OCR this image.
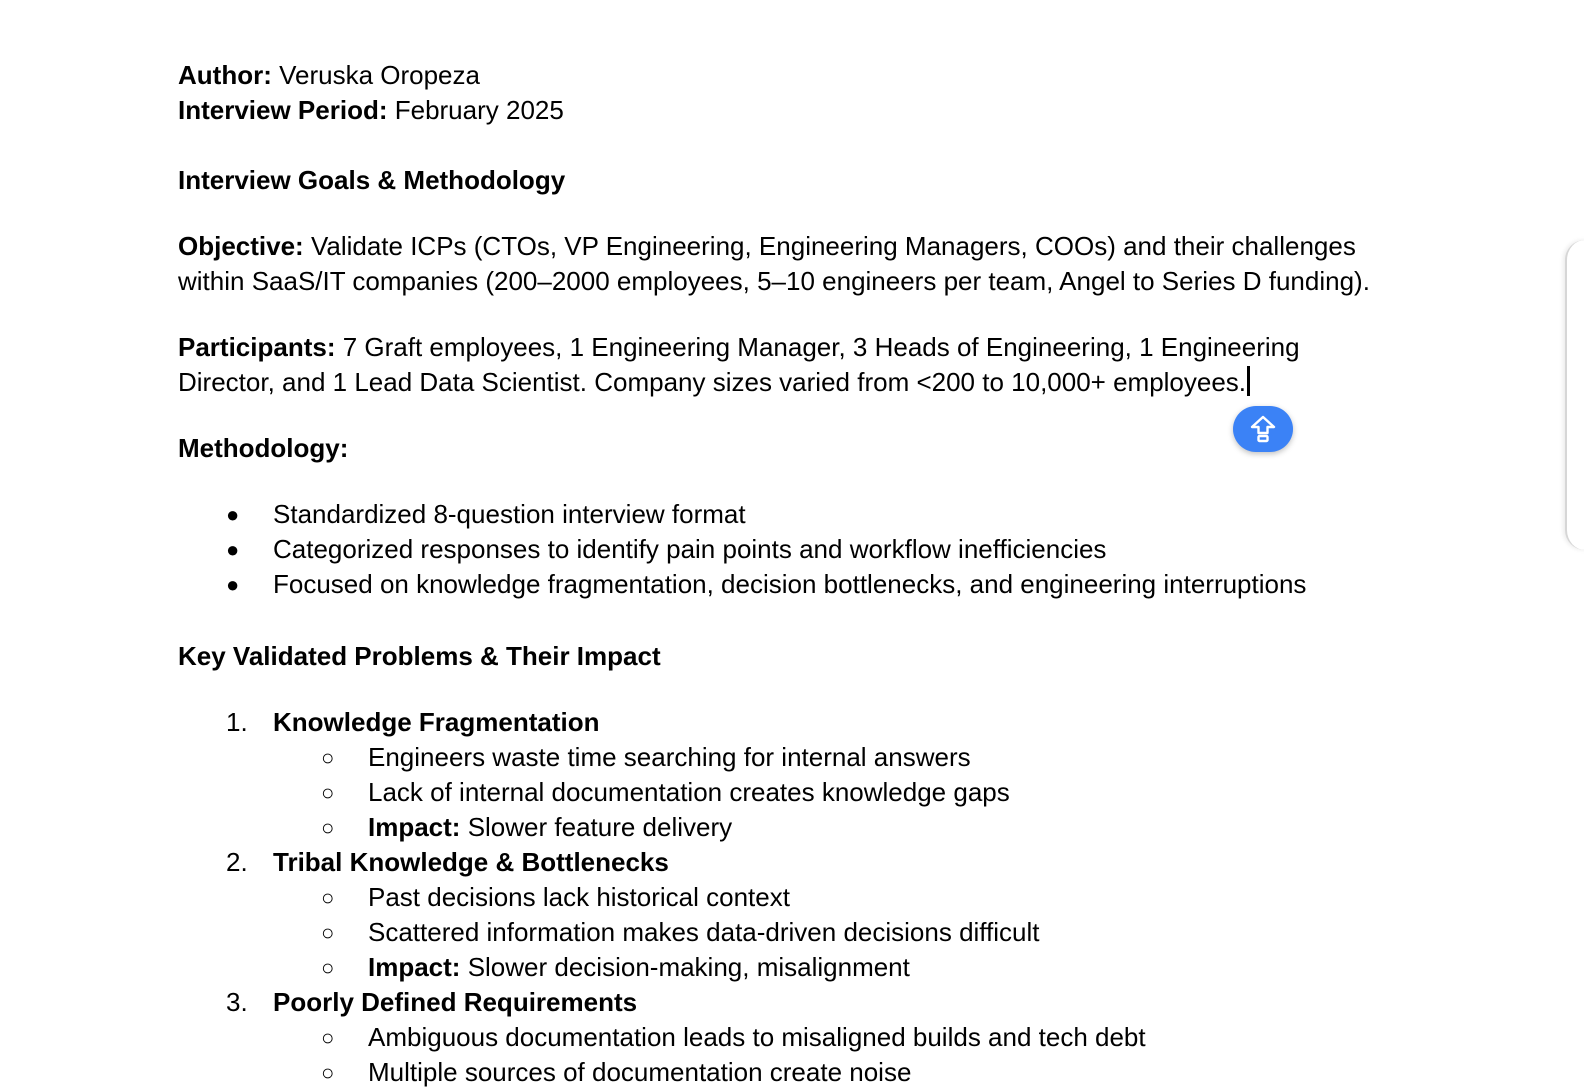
Author: Veruska Oropeza
Interview Period: February 2025
Interview Goals & Methodology
Objective: Validate ICPs (CTOs, VP Engineering, Engineering Managers, COOs) and their challenges
within SaaS/IT companies (200–2000 employees, 5–10 engineers per team, Angel to Series D funding).
Participants: 7 Graft employees, 1 Engineering Manager, 3 Heads of Engineering, 1 Engineering
Director, and 1 Lead Data Scientist. Company sizes varied from <200 to 10,000+ employees.
Methodology:
● Standardized 8-question interview format
● Categorized responses to identify pain points and workflow inefficiencies
● Focused on knowledge fragmentation, decision bottlenecks, and engineering interruptions
Key Validated Problems & Their Impact
1. Knowledge Fragmentation
○ Engineers waste time searching for internal answers
○ Lack of internal documentation creates knowledge gaps
○ Impact: Slower feature delivery
2. Tribal Knowledge & Bottlenecks
○ Past decisions lack historical context
○ Scattered information makes data-driven decisions difficult
○ Impact: Slower decision-making, misalignment
3. Poorly Defined Requirements
○ Ambiguous documentation leads to misaligned builds and tech debt
○ Multiple sources of documentation create noise
